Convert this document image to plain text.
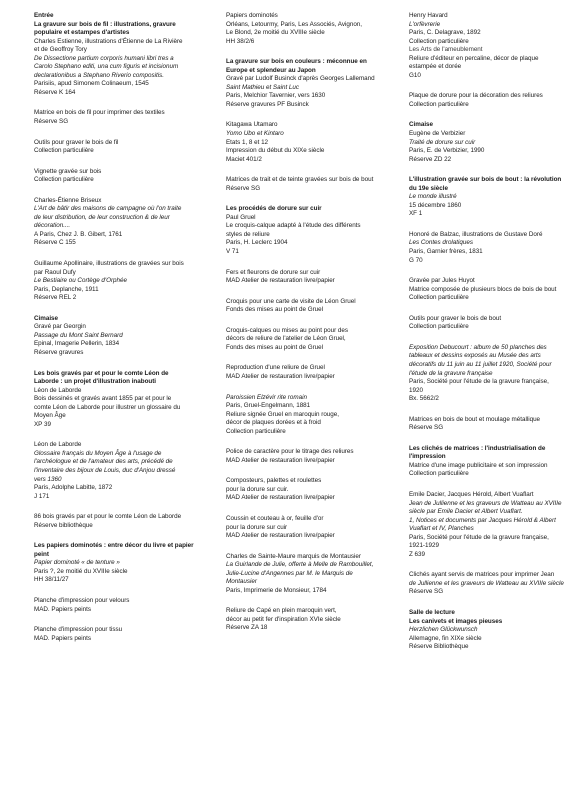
Entrée
La gravure sur bois de fil : illustrations, gravure
populaire et estampes d'artistes
Charles Estienne, illustrations d'Étienne de La Rivière
et de Geoffroy Tory
De Dissectione partium corporis humani libri tres a
Carolo Stephano editi, una cum figuris et incisionum
declarationibus a Stephano Riverio compositis.
Parisiis, apud Simonem Colinaeum, 1545
Réserve K 164
Matrice en bois de fil pour imprimer des textiles
Réserve SG
Outils pour graver le bois de fil
Collection particulière
Vignette gravée sur bois
Collection particulière
Charles-Étienne Briseux
L'Art de bâtir des maisons de campagne où l'on traite
de leur distribution, de leur construction & de leur
décoration....
A Paris, Chez J. B. Gibert, 1761
Réserve C 155
Guillaume Apollinaire, illustrations de gravées sur bois
par Raoul Dufy
Le Bestiaire ou Cortège d'Orphée
Paris, Deplanche, 1911
Réserve REL 2
Cimaise
Gravé par Georgin
Passage du Mont Saint Bernard
Epinal, Imagerie Pellerin, 1834
Réserve gravures
Les bois gravés par et pour le comte Léon de
Laborde : un projet d'illustration inabouti
Léon de Laborde
Bois dessinés et gravés avant 1855 par et pour le
comte Léon de Laborde pour illustrer un glossaire du
Moyen Âge
XP 39
Léon de Laborde
Glossaire français du Moyen Âge à l'usage de
l'archéologue et de l'amateur des arts, précédé de
l'inventaire des bijoux de Louis, duc d'Anjou dressé
vers 1360
Paris, Adolphe Labitte, 1872
J 171
86 bois gravés par et pour le comte Léon de Laborde
Réserve bibliothèque
Les papiers dominotés : entre décor du livre et papier
peint
Papier dominoté « de tenture »
Paris ?, 2e moitié du XVIIIe siècle
HH 38/11/27
Planche d'impression pour velours
MAD. Papiers peints
Planche d'impression pour tissu
MAD. Papiers peints
Papiers dominotés
Orléans, Letourmy, Paris, Les Associés, Avignon,
Le Blond, 2e moitié du XVIIIe siècle
HH 38/2/6
La gravure sur bois en couleurs : méconnue en
Europe et splendeur au Japon
Gravé par Ludolf Businck d'après Georges Lallemand
Saint Mathieu et Saint Luc
Paris, Melchior Tavernier, vers 1630
Réserve gravures PF Businck
Kitagawa Utamaro
Yomo Ubo et Kintaro
Etats 1, 8 et 12
Impression du début du XIXe siècle
Maciet 401/2
Matrices de trait et de teinte gravées sur bois de bout
Réserve SG
Les procédés de dorure sur cuir
Paul Gruel
Le croquis-calque adapté à l'étude des différents
styles de reliure
Paris, H. Leclerc 1904
V 71
Fers et fleurons de dorure sur cuir
MAD Atelier de restauration livre/papier
Croquis pour une carte de visite de Léon Gruel
Fonds des mises au point de Gruel
Croquis-calques ou mises au point pour des
décors de reliure de l'atelier de Léon Gruel,
Fonds des mises au point de Gruel
Reproduction d'une reliure de Gruel
MAD Atelier de restauration livre/papier
Paroissien Elzévir rite romain
Paris, Gruel-Engelmann, 1881
Reliure signée Gruel en maroquin rouge,
décor de plaques dorées et à froid
Collection particulière
Police de caractère pour le titrage des reliures
MAD Atelier de restauration livre/papier
Composteurs, palettes et roulettes
pour la dorure sur cuir.
MAD Atelier de restauration livre/papier
Coussin et couteau à or, feuille d'or
pour la dorure sur cuir
MAD Atelier de restauration livre/papier
Charles de Sainte-Maure marquis de Montausier
La Guirlande de Julie, offerte à Melle de Rambouillet,
Julie-Lucine d'Angennes par M. le Marquis de
Montausier
Paris, Imprimerie de Monsieur, 1784
Reliure de Capé en plein maroquin vert,
décor au petit fer d'inspiration XVIe siècle
Réserve ZA 18
Henry Havard
L'orfèvrerie
Paris, C. Delagrave, 1892
Collection particulière
Les Arts de l'ameublement
Reliure d'éditeur en percaline, décor de plaque
estampée et dorée
G10
Plaque de dorure pour la décoration des reliures
Collection particulière
Cimaise
Eugène de Verbizier
Traité de dorure sur cuir
Paris, E. de Verbizier, 1990
Réserve ZD 22
L'illustration gravée sur bois de bout : la révolution
du 19e siècle
Le monde illustré
15 décembre 1860
XF 1
Honoré de Balzac, illustrations de Gustave Doré
Les Contes drolatiques
Paris, Garnier frères, 1831
G 70
Gravée par Jules Huyot
Matrice composée de plusieurs blocs de bois de bout
Collection particulière
Outils pour graver le bois de bout
Collection particulière
Exposition Debucourt : album de 50 planches des
tableaux et dessins exposés au Musée des arts
décoratifs du 11 juin au 11 juillet 1920, Société pour
l'étude de la gravure française
Paris, Société pour l'étude de la gravure française,
1920
Bx. 5662/2
Matrices en bois de bout et moulage métallique
Réserve SG
Les clichés de matrices : l'industrialisation de
l'impression
Matrice d'une image publicitaire et son impression
Collection particulière
Emile Dacier, Jacques Hérold, Albert Vuaflart
Jean de Jullienne et les graveurs de Watteau au XVIIIe
siècle par Emile Dacier et Albert Vuaflart.
1, Notices et documents par Jacques Hérold & Albert
Vuaflart et IV, Planches
Paris, Société pour l'étude de la gravure française,
1921-1929
Z 639
Clichés ayant servis de matrices pour imprimer Jean
de Jullienne et les graveurs de Watteau au XVIIIe siècle
Réserve SG
Salle de lecture
Les canivets et images pieuses
Herzlichen Glückwunsch
Allemagne, fin XIXe siècle
Réserve Bibliothèque
